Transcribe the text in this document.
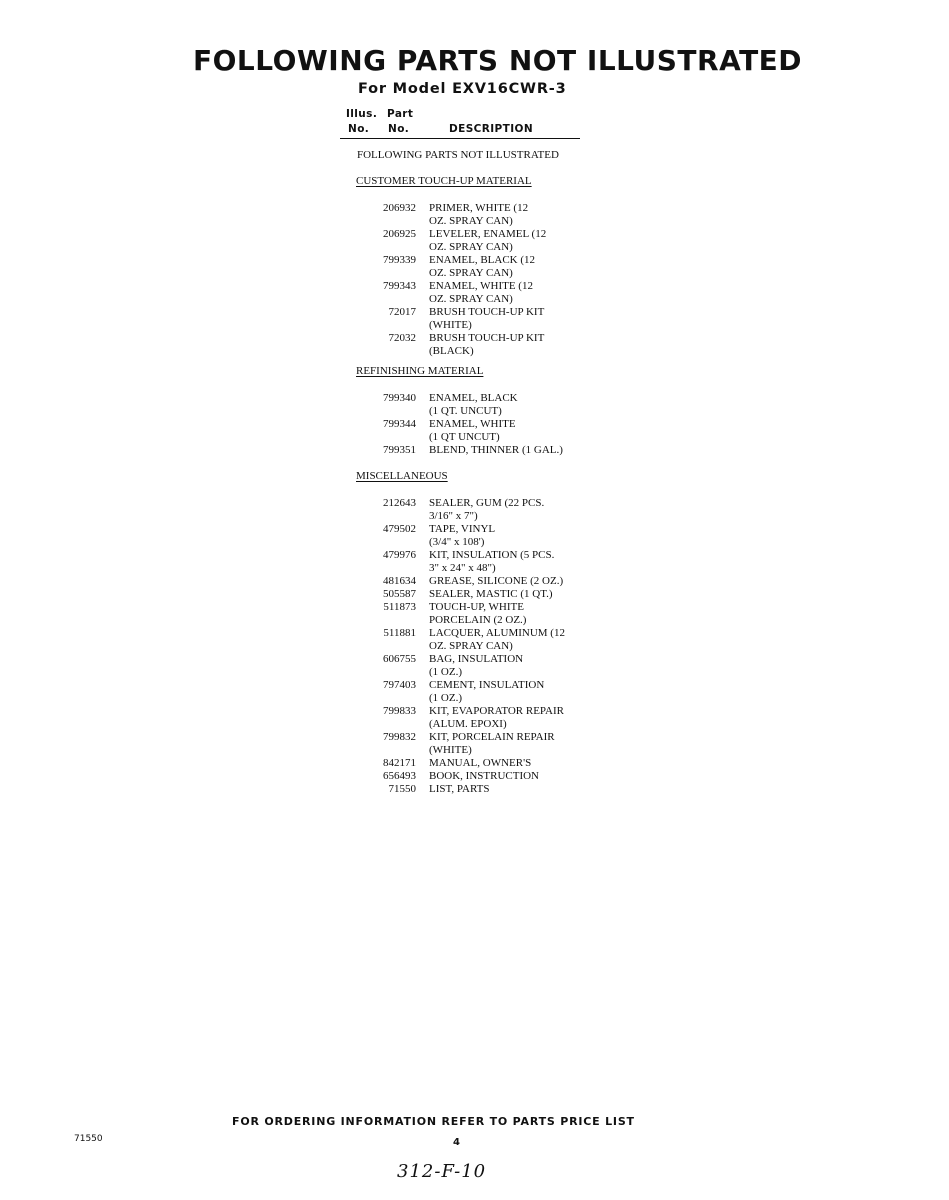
FOLLOWING PARTS NOT ILLUSTRATED
For Model EXV16CWR-3
Illus. Part
No. No.	DESCRIPTION
FOLLOWING PARTS NOT ILLUSTRATED
CUSTOMER TOUCH-UP MATERIAL
206932 PRIMER, WHITE (12
OZ. SPRAY CAN)
206925 LEVELER, ENAMEL (12
OZ. SPRAY CAN)
799339 ENAMEL, BLACK (12
OZ. SPRAY CAN)
799343 ENAMEL, WHITE (12
OZ. SPRAY CAN)
72017 BRUSH TOUCH-UP KIT
(WHITE)
72032 BRUSH TOUCH-UP KIT
(BLACK)
REFINISHING MATERIAL
799340 ENAMEL, BLACK
(1 QT. UNCUT)
799344 ENAMEL, WHITE
(1 QT UNCUT)
799351 BLEND, THINNER (1 GAL.)
MISCELLANEOUS
212643 SEALER, GUM (22 PCS.
3/16" x 7")
479502 TAPE, VINYL
(3/4" x 108')
479976 KIT, INSULATION (5 PCS.
3" x 24" x 48")
481634 GREASE, SILICONE (2 OZ.)
505587 SEALER, MASTIC (1 QT.)
511873 TOUCH-UP, WHITE
PORCELAIN (2 OZ.)
511881 LACQUER, ALUMINUM (12
OZ. SPRAY CAN)
606755 BAG, INSULATION
(1 OZ.)
797403 CEMENT, INSULATION
(1 OZ.)
799833 KIT, EVAPORATOR REPAIR
(ALUM. EPOXI)
799832 KIT, PORCELAIN REPAIR
(WHITE)
842171 MANUAL, OWNER'S
656493 BOOK, INSTRUCTION
71550 LIST, PARTS
FOR ORDERING INFORMATION REFER TO PARTS PRICE LIST
71550	4
312-F-10
